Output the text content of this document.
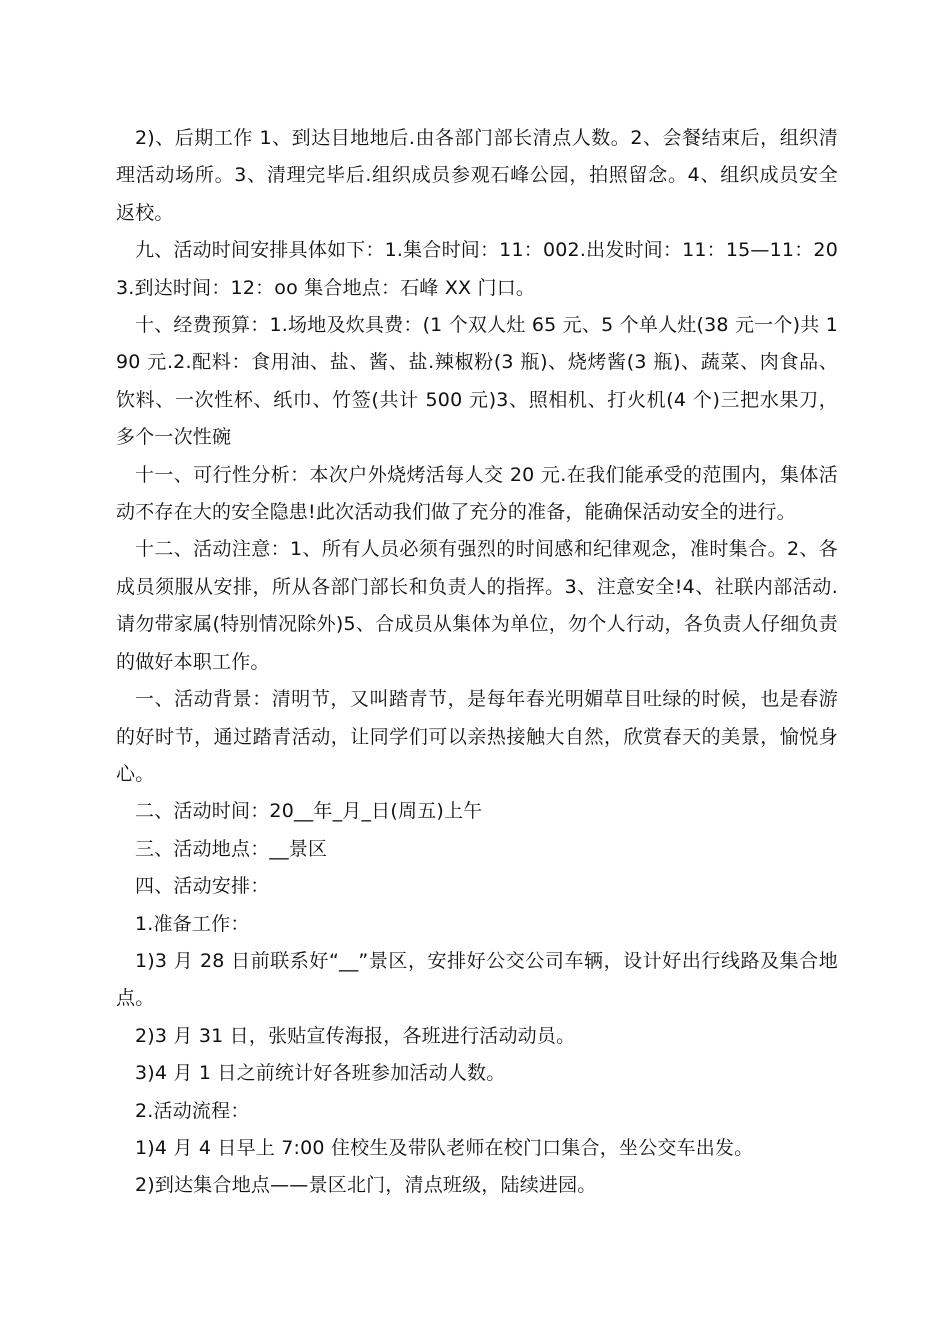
2)、后期工作 1、到达目地地后.由各部门部长清点人数。2、会餐结束后，组织清理活动场所。3、清理完毕后.组织成员参观石峰公园，拍照留念。4、组织成员安全返校。

九、活动时间安排具体如下：1.集合时间：11：002.出发时间：11：15—11：203.到达时间：12：oo 集合地点：石峰 XX 门口。

十、经费预算：1.场地及炊具费：(1 个双人灶 65 元、5 个单人灶(38 元一个)共 190 元.2.配料：食用油、盐、酱、盐.辣椒粉(3 瓶)、烧烤酱(3 瓶)、蔬菜、肉食品、饮料、一次性杯、纸巾、竹签(共计 500 元)3、照相机、打火机(4 个)三把水果刀，多个一次性碗

十一、可行性分析：本次户外烧烤活每人交 20 元.在我们能承受的范围内，集体活动不存在大的安全隐患!此次活动我们做了充分的准备，能确保活动安全的进行。

十二、活动注意：1、所有人员必须有强烈的时间感和纪律观念，准时集合。2、各成员须服从安排，所从各部门部长和负责人的指挥。3、注意安全!4、社联内部活动.请勿带家属(特别情况除外)5、合成员从集体为单位，勿个人行动，各负责人仔细负责的做好本职工作。

一、活动背景：清明节，又叫踏青节，是每年春光明媚草目吐绿的时候，也是春游的好时节，通过踏青活动，让同学们可以亲热接触大自然，欣赏春天的美景，愉悦身心。

二、活动时间：20__年_月_日(周五)上午

三、活动地点：__景区

四、活动安排：

1.准备工作：

1)3 月 28 日前联系好“__”景区，安排好公交公司车辆，设计好出行线路及集合地点。

2)3 月 31 日，张贴宣传海报，各班进行活动动员。

3)4 月 1 日之前统计好各班参加活动人数。

2.活动流程：

1)4 月 4 日早上 7:00 住校生及带队老师在校门口集合，坐公交车出发。

2)到达集合地点——景区北门，清点班级，陆续进园。
